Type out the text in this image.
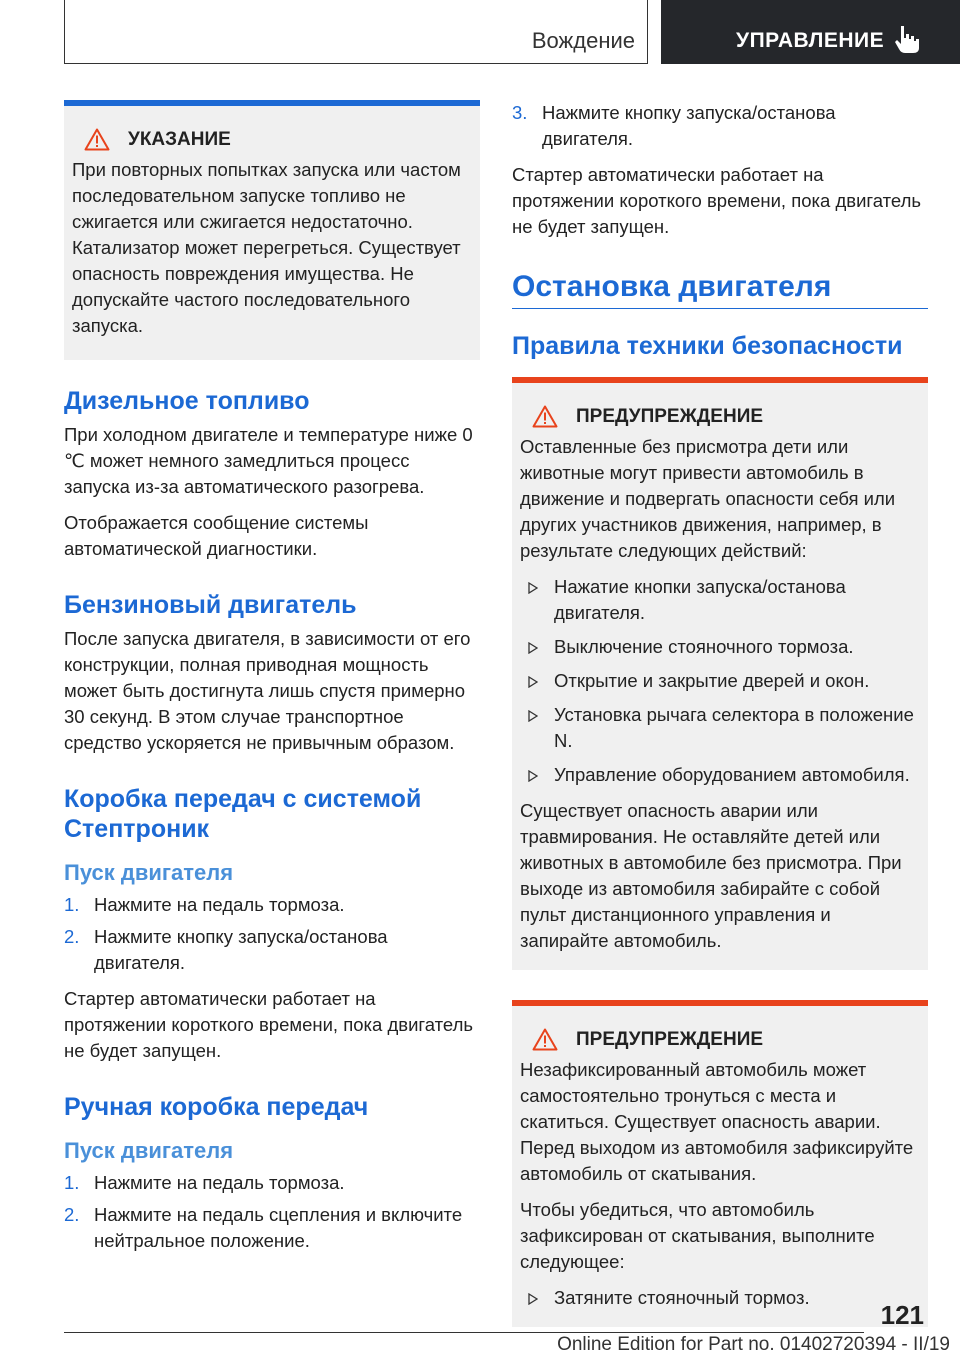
Вождение	УПРАВЛЕНИЕ
УКАЗАНИЕ

При повторных попытках запуска или частом последовательном запуске топливо не сжигается или сжигается недостаточно. Катализатор может перегреться. Существует опасность повреждения имущества. Не допускайте частого последовательного запуска.

Дизельное топливо

При холодном двигателе и температуре ниже 0 ℃ может немного замедлиться процесс запуска из-за автоматического разогрева.

Отображается сообщение системы автоматической диагностики.

Бензиновый двигатель

После запуска двигателя, в зависимости от его конструкции, полная приводная мощность может быть достигнута лишь спустя примерно 30 секунд. В этом случае транспортное средство ускоряется не привычным образом.

Коробка передач с системой Стептроник
Пуск двигателя
1. Нажмите на педаль тормоза.
2. Нажмите кнопку запуска/останова двигателя.

Стартер автоматически работает на протяжении короткого времени, пока двигатель не будет запущен.

Ручная коробка передач
Пуск двигателя
1. Нажмите на педаль тормоза.
2. Нажмите на педаль сцепления и включите нейтральное положение.
3. Нажмите кнопку запуска/останова двигателя.

Стартер автоматически работает на протяжении короткого времени, пока двигатель не будет запущен.

Остановка двигателя
Правила техники безопасности
ПРЕДУПРЕЖДЕНИЕ

Оставленные без присмотра дети или животные могут привести автомобиль в движение и подвергать опасности себя или других участников движения, например, в результате следующих действий:

Нажатие кнопки запуска/останова двигателя.
Выключение стояночного тормоза.
Открытие и закрытие дверей и окон.
Установка рычага селектора в положение N.
Управление оборудованием автомобиля.

Существует опасность аварии или травмирования. Не оставляйте детей или животных в автомобиле без присмотра. При выходе из автомобиля забирайте с собой пульт дистанционного управления и запирайте автомобиль.

ПРЕДУПРЕЖДЕНИЕ

Незафиксированный автомобиль может самостоятельно тронуться с места и скатиться. Существует опасность аварии. Перед выходом из автомобиля зафиксируйте автомобиль от скатывания.

Чтобы убедиться, что автомобиль зафиксирован от скатывания, выполните следующее:

Затяните стояночный тормоз.
121
Online Edition for Part no. 01402720394 - II/19
